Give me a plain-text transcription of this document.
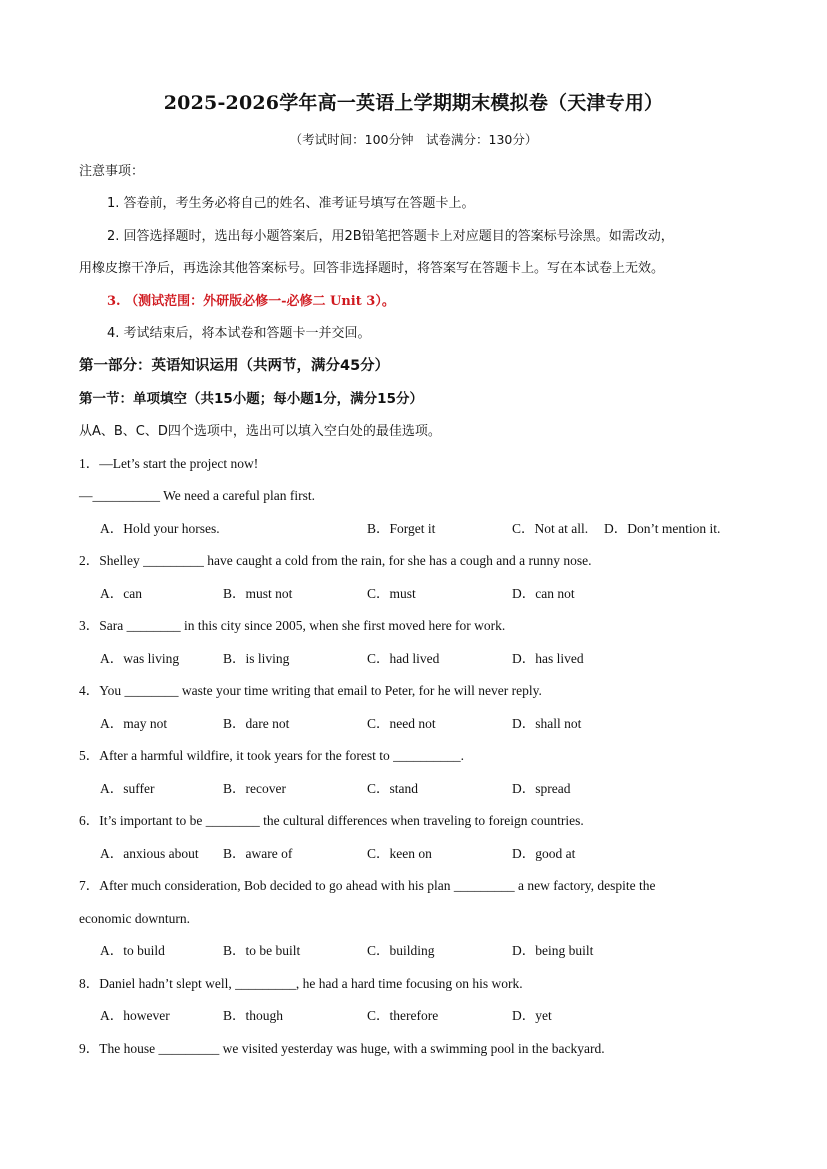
2025-2026学年高一英语上学期期末模拟卷（天津专用）
（考试时间：100分钟　试卷满分：130分）
注意事项：
1. 答卷前，考生务必将自己的姓名、准考证号填写在答题卡上。
2. 回答选择题时，选出每小题答案后，用2B铅笔把答题卡上对应题目的答案标号涂黑。如需改动，
用橡皮擦干净后，再选涂其他答案标号。回答非选择题时，将答案写在答题卡上。写在本试卷上无效。
3. （测试范围：外研版必修一-必修二 Unit 3）。
4. 考试结束后，将本试卷和答题卡一并交回。
第一部分：英语知识运用（共两节，满分45分）
第一节：单项填空（共15小题；每小题1分，满分15分）
从A、B、C、D四个选项中，选出可以填入空白处的最佳选项。
1．—Let’s start the project now!
—__________ We need a careful plan first.
A．Hold your horses.	B．Forget it	C．Not at all. D．Don’t mention it.
2．Shelley _________ have caught a cold from the rain, for she has a cough and a runny nose.
A．can	B．must not	C．must	D．can not
3．Sara ________ in this city since 2005, when she first moved here for work.
A．was living	B．is living	C．had lived	D．has lived
4．You ________ waste your time writing that email to Peter, for he will never reply.
A．may not	B．dare not	C．need not	D．shall not
5．After a harmful wildfire, it took years for the forest to __________.
A．suffer	B．recover	C．stand	D．spread
6．It’s important to be ________ the cultural differences when traveling to foreign countries.
A．anxious about B．aware of	C．keen on	D．good at
7．After much consideration, Bob decided to go ahead with his plan _________ a new factory, despite the
economic downturn.
A．to build	B．to be built	C．building	D．being built
8．Daniel hadn’t slept well, _________, he had a hard time focusing on his work.
A．however	B．though	C．therefore	D．yet
9．The house _________ we visited yesterday was huge, with a swimming pool in the backyard.
